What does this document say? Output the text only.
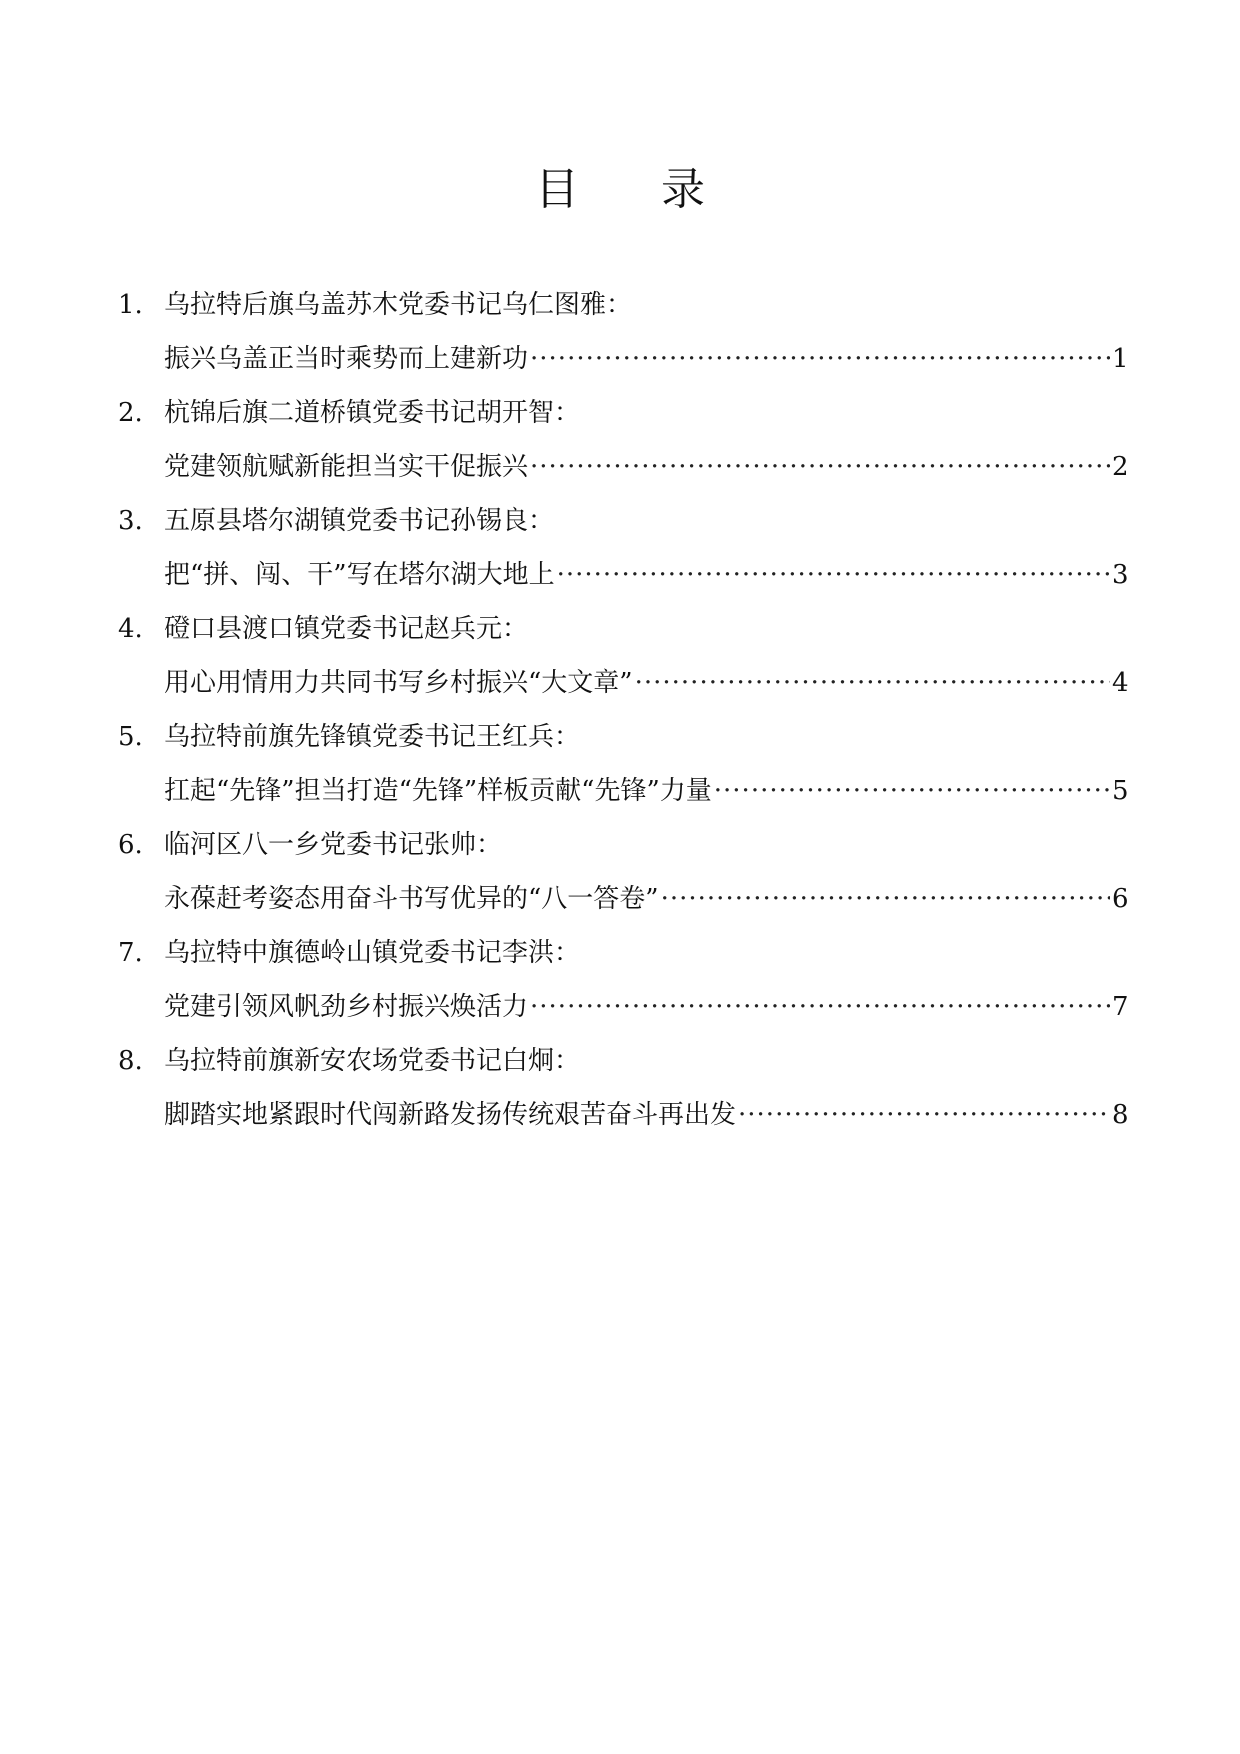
目 录
1. 乌拉特后旗乌盖苏木党委书记乌仁图雅：
振兴乌盖正当时乘势而上建新功 ·····	1
2. 杭锦后旗二道桥镇党委书记胡开智：
党建领航赋新能担当实干促振兴 ·····	2
3. 五原县塔尔湖镇党委书记孙锡良：
把“拼、闯、干”写在塔尔湖大地上 ·····	3
4. 磴口县渡口镇党委书记赵兵元：
用心用情用力共同书写乡村振兴“大文章” ·····	4
5. 乌拉特前旗先锋镇党委书记王红兵：
扛起“先锋”担当打造“先锋”样板贡献“先锋”力量 ·····	5
6. 临河区八一乡党委书记张帅：
永葆赶考姿态用奋斗书写优异的“八一答卷” ·····	6
7. 乌拉特中旗德岭山镇党委书记李洪：
党建引领风帆劲乡村振兴焕活力 ·····	7
8. 乌拉特前旗新安农场党委书记白炯：
脚踏实地紧跟时代闯新路发扬传统艰苦奋斗再出发 ·····	8
